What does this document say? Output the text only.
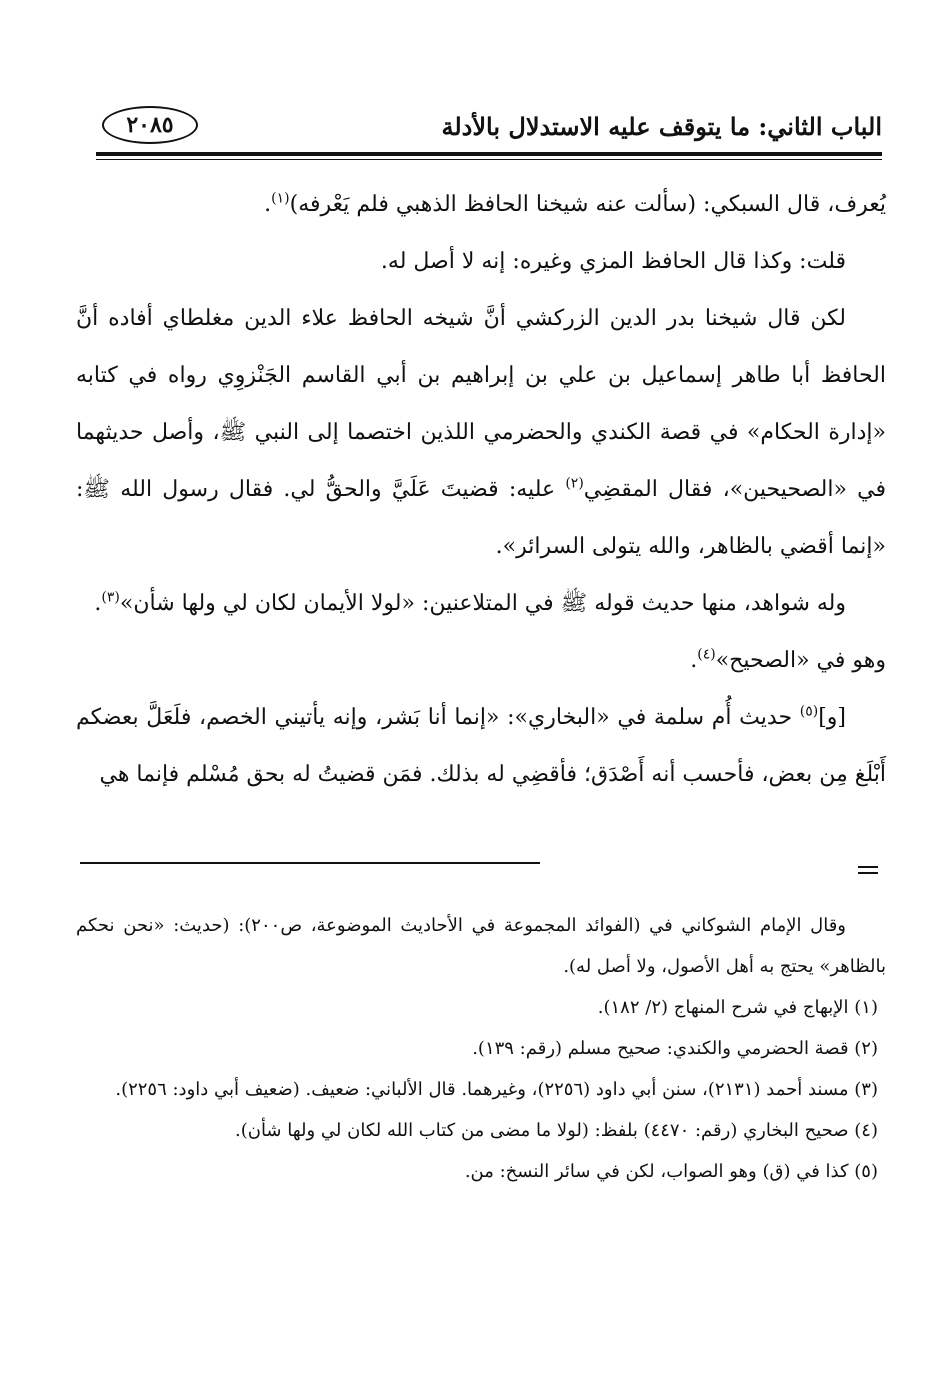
الباب الثاني: ما يتوقف عليه الاستدلال بالأدلة
٢٠٨٥

يُعرف، قال السبكي: (سألت عنه شيخنا الحافظ الذهبي فلم يَعْرفه)$^{(١)}$.

قلت: وكذا قال الحافظ المزي وغيره: إنه لا أصل له.

لكن قال شيخنا بدر الدين الزركشي أنَّ شيخه الحافظ علاء الدين مغلطاي أفاده أنَّ الحافظ أبا طاهر إسماعيل بن علي بن إبراهيم بن أبي القاسم الجَنْزوِي رواه في كتابه «إدارة الحكام» في قصة الكندي والحضرمي اللذين اختصما إلى النبي ﷺ، وأصل حديثهما في «الصحيحين»، فقال المقضِي$^{(٢)}$ عليه: قضيتَ عَلَيَّ والحقُّ لي. فقال رسول الله ﷺ: «إنما أقضي بالظاهر، والله يتولى السرائر».

وله شواهد، منها حديث قوله ﷺ في المتلاعنين: «لولا الأيمان لكان لي ولها شأن»$^{(٣)}$.

وهو في «الصحيح»$^{(٤)}$.

[و]$^{(٥)}$ حديث أُم سلمة في «البخاري»: «إنما أنا بَشر، وإنه يأتيني الخصم، فلَعَلَّ بعضكم أَبْلَغ مِن بعض، فأحسب أنه أَصْدَق؛ فأقضِي له بذلك. فمَن قضيتُ له بحق مُسْلم فإنما هي

وقال الإمام الشوكاني في (الفوائد المجموعة في الأحاديث الموضوعة، ص٢٠٠): (حديث: «نحن نحكم بالظاهر» يحتج به أهل الأصول، ولا أصل له).

(١) الإبهاج في شرح المنهاج (٢/ ١٨٢).

(٢) قصة الحضرمي والكندي: صحيح مسلم (رقم: ١٣٩).

(٣) مسند أحمد (٢١٣١)، سنن أبي داود (٢٢٥٦)، وغيرهما. قال الألباني: ضعيف. (ضعيف أبي داود: ٢٢٥٦).

(٤) صحيح البخاري (رقم: ٤٤٧٠) بلفظ: (لولا ما مضى من كتاب الله لكان لي ولها شأن).

(٥) كذا في (ق) وهو الصواب، لكن في سائر النسخ: من.
